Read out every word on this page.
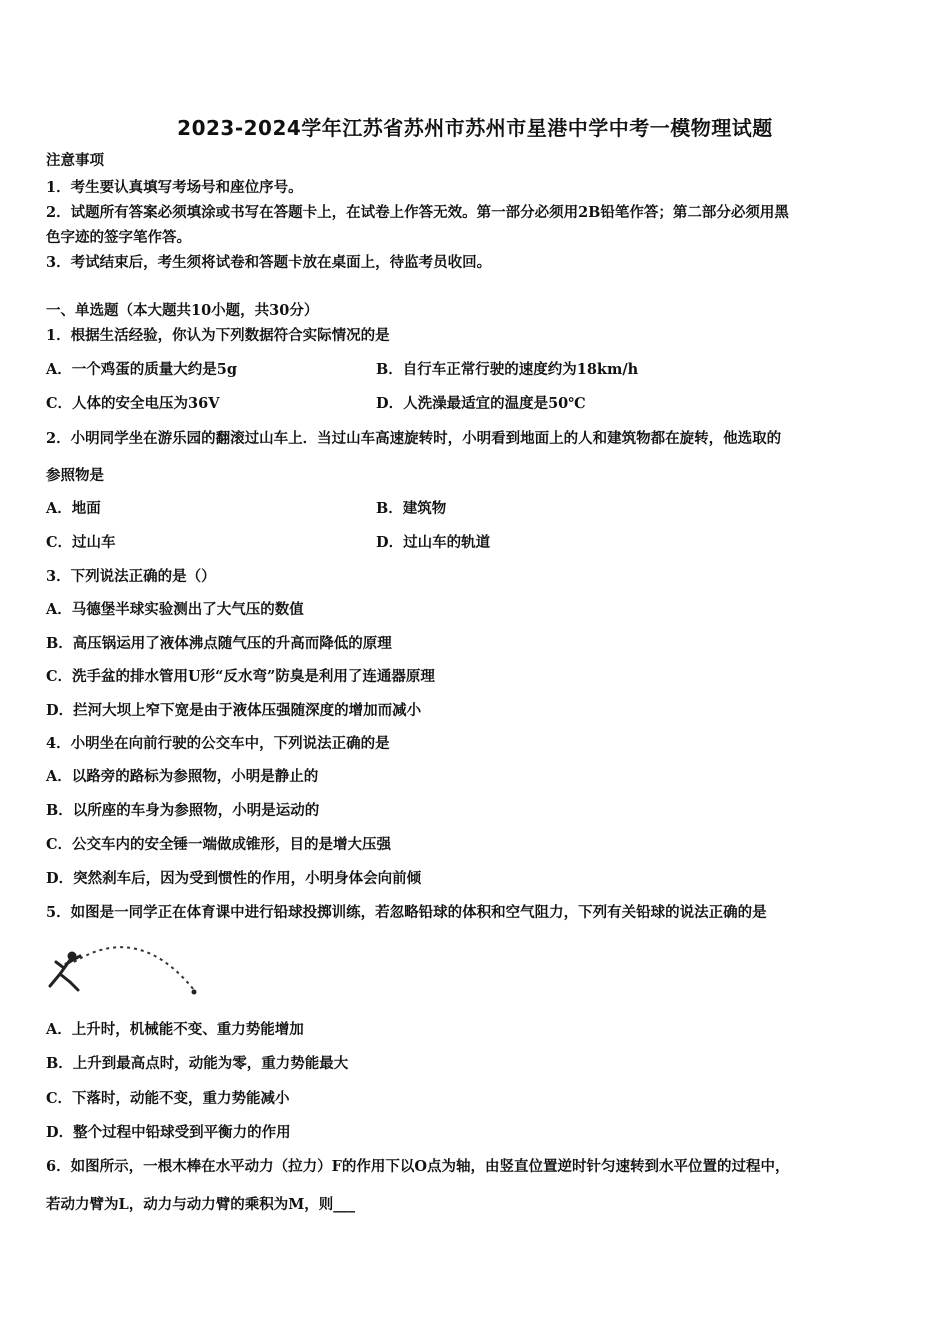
2023-2024学年江苏省苏州市苏州市星港中学中考一模物理试题
注意事项
1．考生要认真填写考场号和座位序号。
2．试题所有答案必须填涂或书写在答题卡上，在试卷上作答无效。第一部分必须用2B铅笔作答；第二部分必须用黑
色字迹的签字笔作答。
3．考试结束后，考生须将试卷和答题卡放在桌面上，待监考员收回。
一、单选题（本大题共10小题，共30分）
1．根据生活经验，你认为下列数据符合实际情况的是
A．一个鸡蛋的质量大约是5g	B．自行车正常行驶的速度约为18km/h
C．人体的安全电压为36V	D．人洗澡最适宜的温度是50℃
2．小明同学坐在游乐园的翻滚过山车上．当过山车高速旋转时，小明看到地面上的人和建筑物都在旋转，他选取的
参照物是
A．地面	B．建筑物
C．过山车	D．过山车的轨道
3．下列说法正确的是（）
A．马德堡半球实验测出了大气压的数值
B．高压锅运用了液体沸点随气压的升高而降低的原理
C．洗手盆的排水管用U形“反水弯”防臭是利用了连通器原理
D．拦河大坝上窄下宽是由于液体压强随深度的增加而减小
4．小明坐在向前行驶的公交车中，下列说法正确的是
A．以路旁的路标为参照物，小明是静止的
B．以所座的车身为参照物，小明是运动的
C．公交车内的安全锤一端做成锥形，目的是增大压强
D．突然刹车后，因为受到惯性的作用，小明身体会向前倾
5．如图是一同学正在体育课中进行铅球投掷训练，若忽略铅球的体积和空气阻力，下列有关铅球的说法正确的是
A．上升时，机械能不变、重力势能增加
B．上升到最高点时，动能为零，重力势能最大
C．下落时，动能不变，重力势能减小
D．整个过程中铅球受到平衡力的作用
6．如图所示，一根木棒在水平动力（拉力）F的作用下以O点为轴，由竖直位置逆时针匀速转到水平位置的过程中，
若动力臂为L，动力与动力臂的乘积为M，则___
